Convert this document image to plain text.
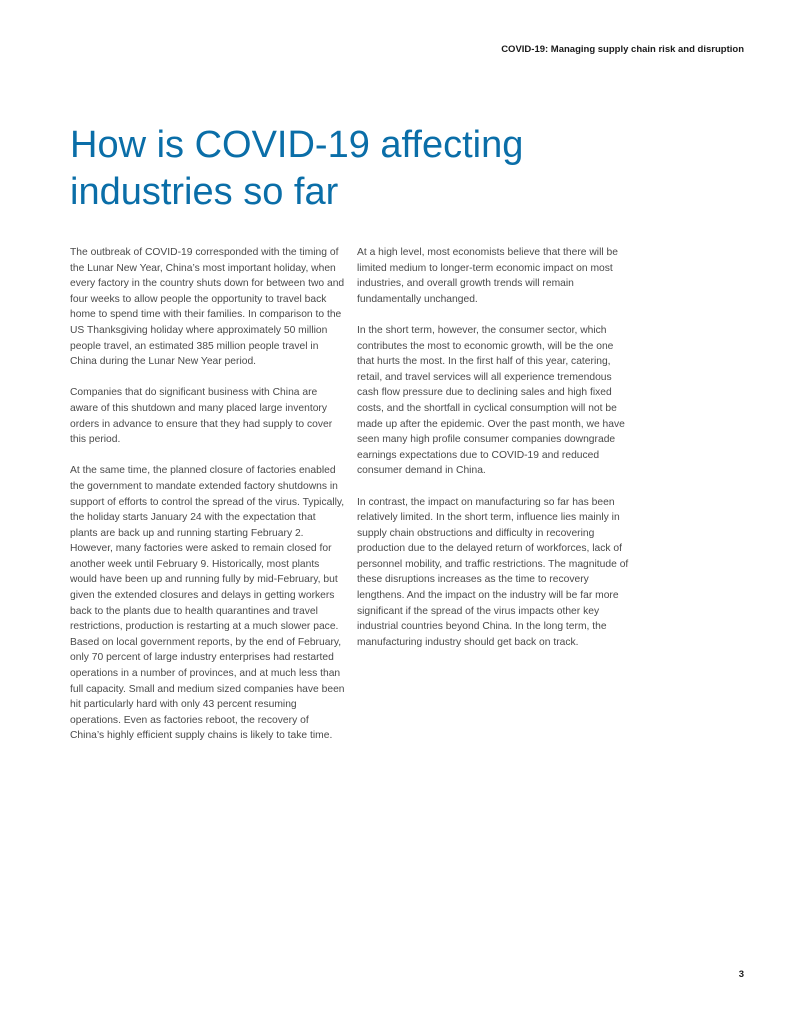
COVID-19: Managing supply chain risk and disruption
How is COVID-19 affecting industries so far

The outbreak of COVID-19 corresponded with the timing of the Lunar New Year, China’s most important holiday, when every factory in the country shuts down for between two and four weeks to allow people the opportunity to travel back home to spend time with their families. In comparison to the US Thanksgiving holiday where approximately 50 million people travel, an estimated 385 million people travel in China during the Lunar New Year period.

Companies that do significant business with China are aware of this shutdown and many placed large inventory orders in advance to ensure that they had supply to cover this period.

At the same time, the planned closure of factories enabled the government to mandate extended factory shutdowns in support of efforts to control the spread of the virus. Typically, the holiday starts January 24 with the expectation that plants are back up and running starting February 2. However, many factories were asked to remain closed for another week until February 9. Historically, most plants would have been up and running fully by mid-February, but given the extended closures and delays in getting workers back to the plants due to health quarantines and travel restrictions, production is restarting at a much slower pace. Based on local government reports, by the end of February, only 70 percent of large industry enterprises had restarted operations in a number of provinces, and at much less than full capacity. Small and medium sized companies have been hit particularly hard with only 43 percent resuming operations. Even as factories reboot, the recovery of China’s highly efficient supply chains is likely to take time.

At a high level, most economists believe that there will be limited medium to longer-term economic impact on most industries, and overall growth trends will remain fundamentally unchanged.

In the short term, however, the consumer sector, which contributes the most to economic growth, will be the one that hurts the most. In the first half of this year, catering, retail, and travel services will all experience tremendous cash flow pressure due to declining sales and high fixed costs, and the shortfall in cyclical consumption will not be made up after the epidemic. Over the past month, we have seen many high profile consumer companies downgrade earnings expectations due to COVID-19 and reduced consumer demand in China.

In contrast, the impact on manufacturing so far has been relatively limited. In the short term, influence lies mainly in supply chain obstructions and difficulty in recovering production due to the delayed return of workforces, lack of personnel mobility, and traffic restrictions. The magnitude of these disruptions increases as the time to recovery lengthens. And the impact on the industry will be far more significant if the spread of the virus impacts other key industrial countries beyond China. In the long term, the manufacturing industry should get back on track.

3
